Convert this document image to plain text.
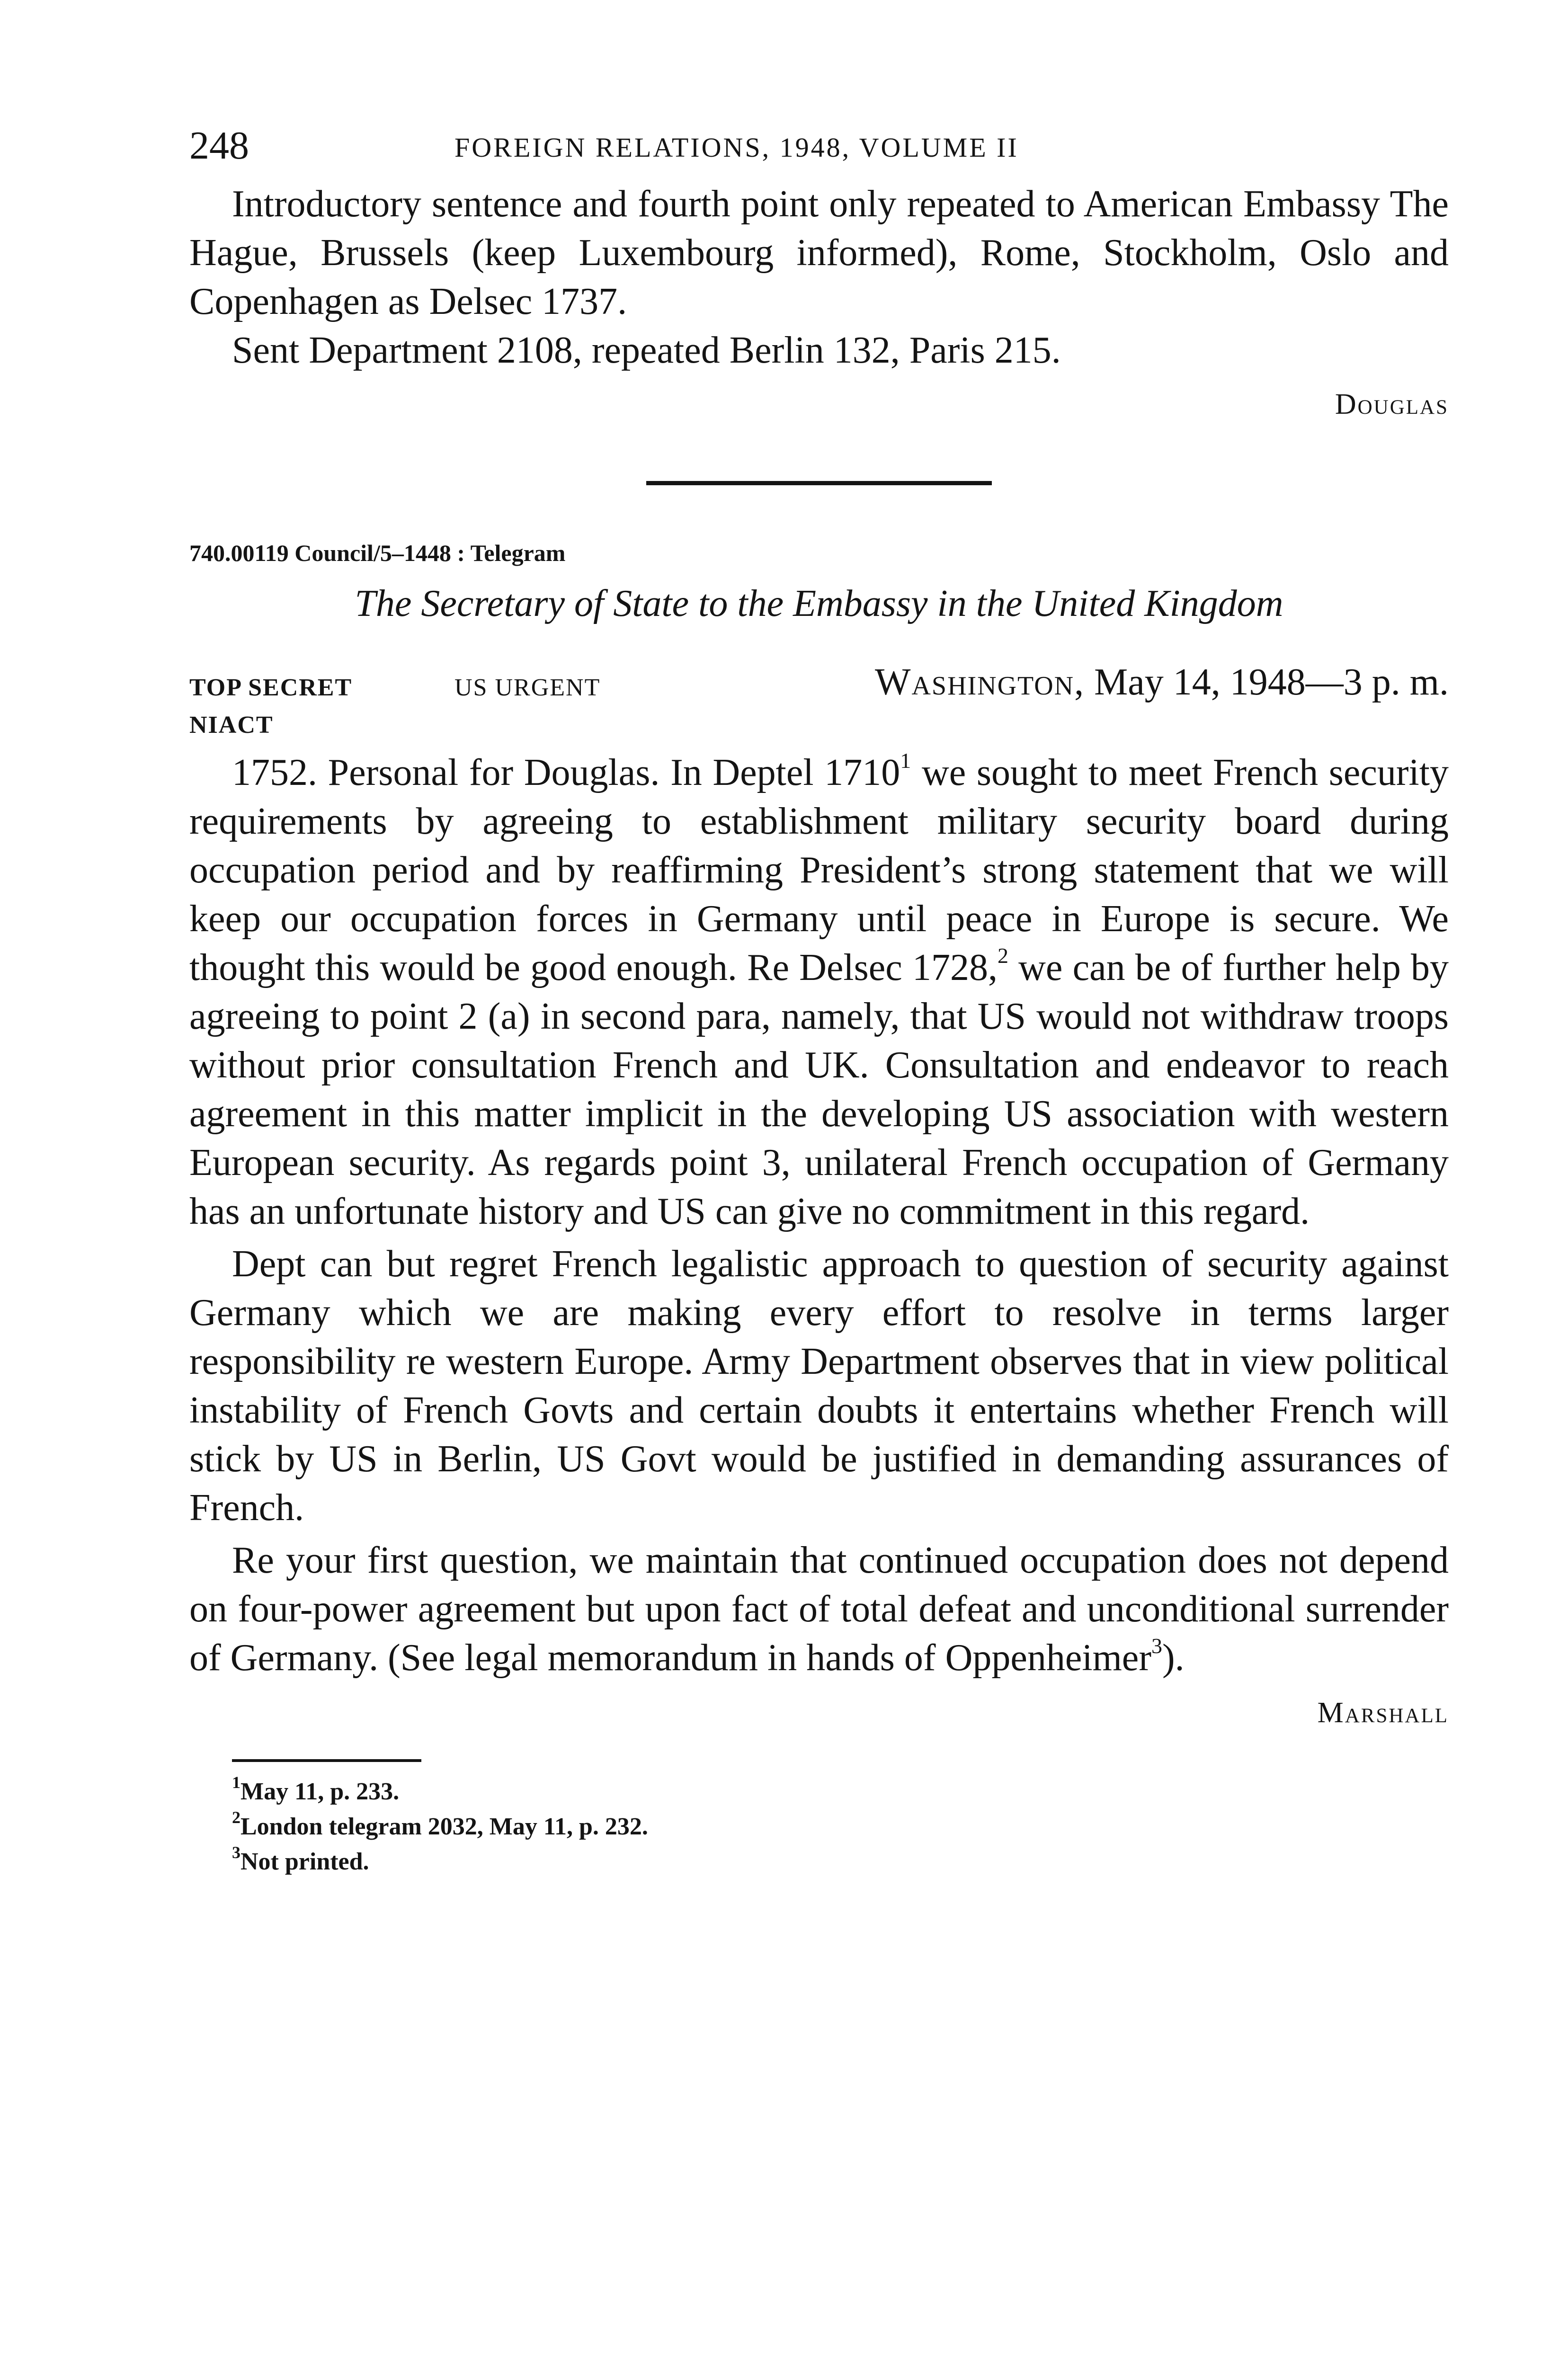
248	FOREIGN RELATIONS, 1948, VOLUME II

Introductory sentence and fourth point only repeated to American Embassy The Hague, Brussels (keep Luxembourg informed), Rome, Stockholm, Oslo and Copenhagen as Delsec 1737.

Sent Department 2108, repeated Berlin 132, Paris 215.

Douglas
740.00119 Council/5–1448 : Telegram
The Secretary of State to the Embassy in the United Kingdom
TOP SECRET	US URGENT	Washington, May 14, 1948—3 p. m.
NIACT

1752. Personal for Douglas. In Deptel 1710$^1$ we sought to meet French security requirements by agreeing to establishment military security board during occupation period and by reaffirming President’s strong statement that we will keep our occupation forces in Germany until peace in Europe is secure. We thought this would be good enough. Re Delsec 1728,$^2$ we can be of further help by agreeing to point 2 (a) in second para, namely, that US would not withdraw troops without prior consultation French and UK. Consultation and endeavor to reach agreement in this matter implicit in the developing US association with western European security. As regards point 3, unilateral French occupation of Germany has an unfortunate history and US can give no commitment in this regard.

Dept can but regret French legalistic approach to question of security against Germany which we are making every effort to resolve in terms larger responsibility re western Europe. Army Department observes that in view political instability of French Govts and certain doubts it entertains whether French will stick by US in Berlin, US Govt would be justified in demanding assurances of French.

Re your first question, we maintain that continued occupation does not depend on four-power agreement but upon fact of total defeat and unconditional surrender of Germany. (See legal memorandum in hands of Oppenheimer$^3$).

Marshall
$^1$May 11, p. 233.
$^2$London telegram 2032, May 11, p. 232.
$^3$Not printed.
